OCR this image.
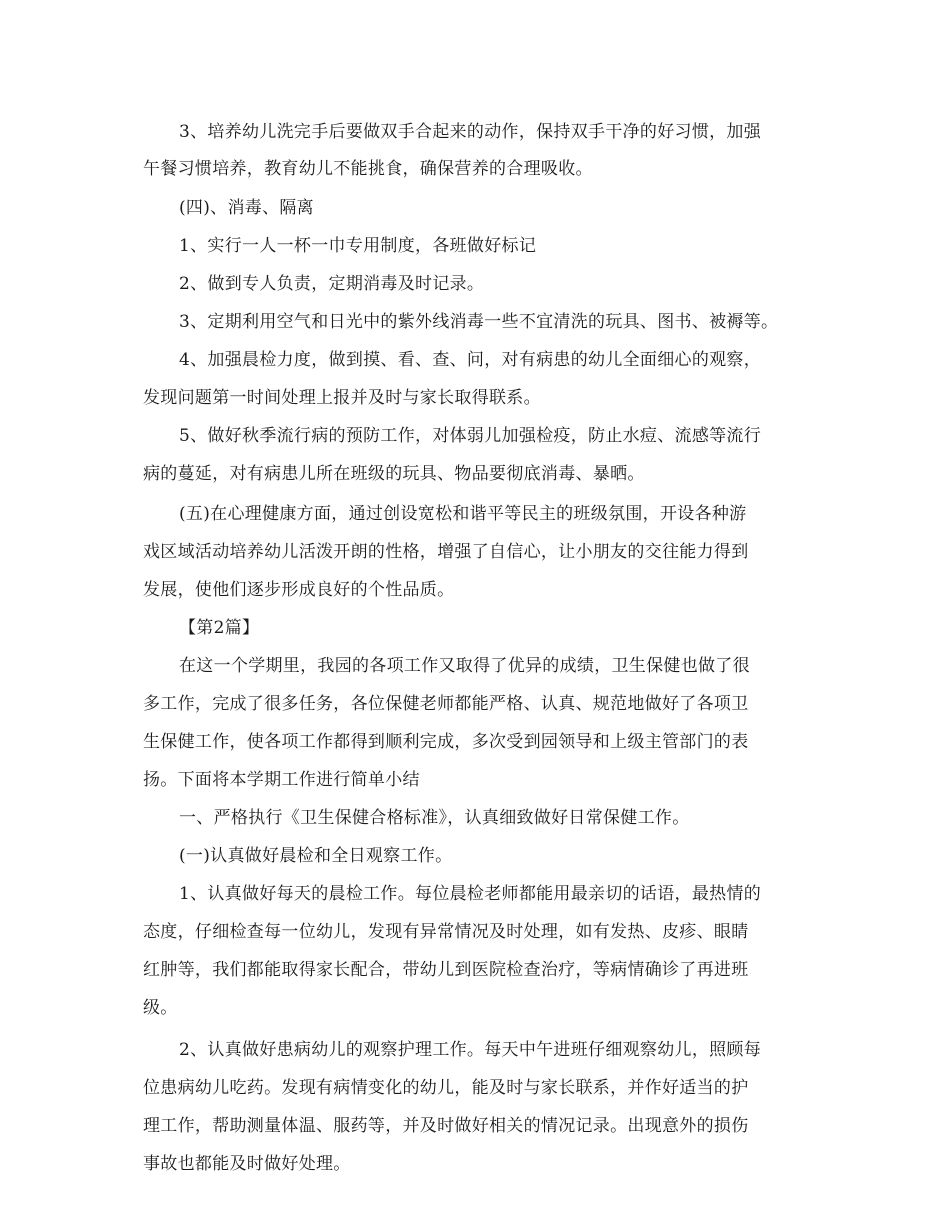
3、培养幼儿洗完手后要做双手合起来的动作，保持双手干净的好习惯，加强
午餐习惯培养，教育幼儿不能挑食，确保营养的合理吸收。
(四)、消毒、隔离
1、实行一人一杯一巾专用制度，各班做好标记
2、做到专人负责，定期消毒及时记录。
3、定期利用空气和日光中的紫外线消毒一些不宜清洗的玩具、图书、被褥等。
4、加强晨检力度，做到摸、看、查、问，对有病患的幼儿全面细心的观察，
发现问题第一时间处理上报并及时与家长取得联系。
5、做好秋季流行病的预防工作，对体弱儿加强检疫，防止水痘、流感等流行
病的蔓延，对有病患儿所在班级的玩具、物品要彻底消毒、暴晒。
(五)在心理健康方面，通过创设宽松和谐平等民主的班级氛围，开设各种游
戏区域活动培养幼儿活泼开朗的性格，增强了自信心，让小朋友的交往能力得到
发展，使他们逐步形成良好的个性品质。
【第2篇】
在这一个学期里，我园的各项工作又取得了优异的成绩，卫生保健也做了很
多工作，完成了很多任务，各位保健老师都能严格、认真、规范地做好了各项卫
生保健工作，使各项工作都得到顺利完成，多次受到园领导和上级主管部门的表
扬。下面将本学期工作进行简单小结
一、严格执行《卫生保健合格标准》，认真细致做好日常保健工作。
(一)认真做好晨检和全日观察工作。
1、认真做好每天的晨检工作。每位晨检老师都能用最亲切的话语，最热情的
态度，仔细检查每一位幼儿，发现有异常情况及时处理，如有发热、皮疹、眼睛
红肿等，我们都能取得家长配合，带幼儿到医院检查治疗，等病情确诊了再进班
级。
2、认真做好患病幼儿的观察护理工作。每天中午进班仔细观察幼儿，照顾每
位患病幼儿吃药。发现有病情变化的幼儿，能及时与家长联系，并作好适当的护
理工作，帮助测量体温、服药等，并及时做好相关的情况记录。出现意外的损伤
事故也都能及时做好处理。
